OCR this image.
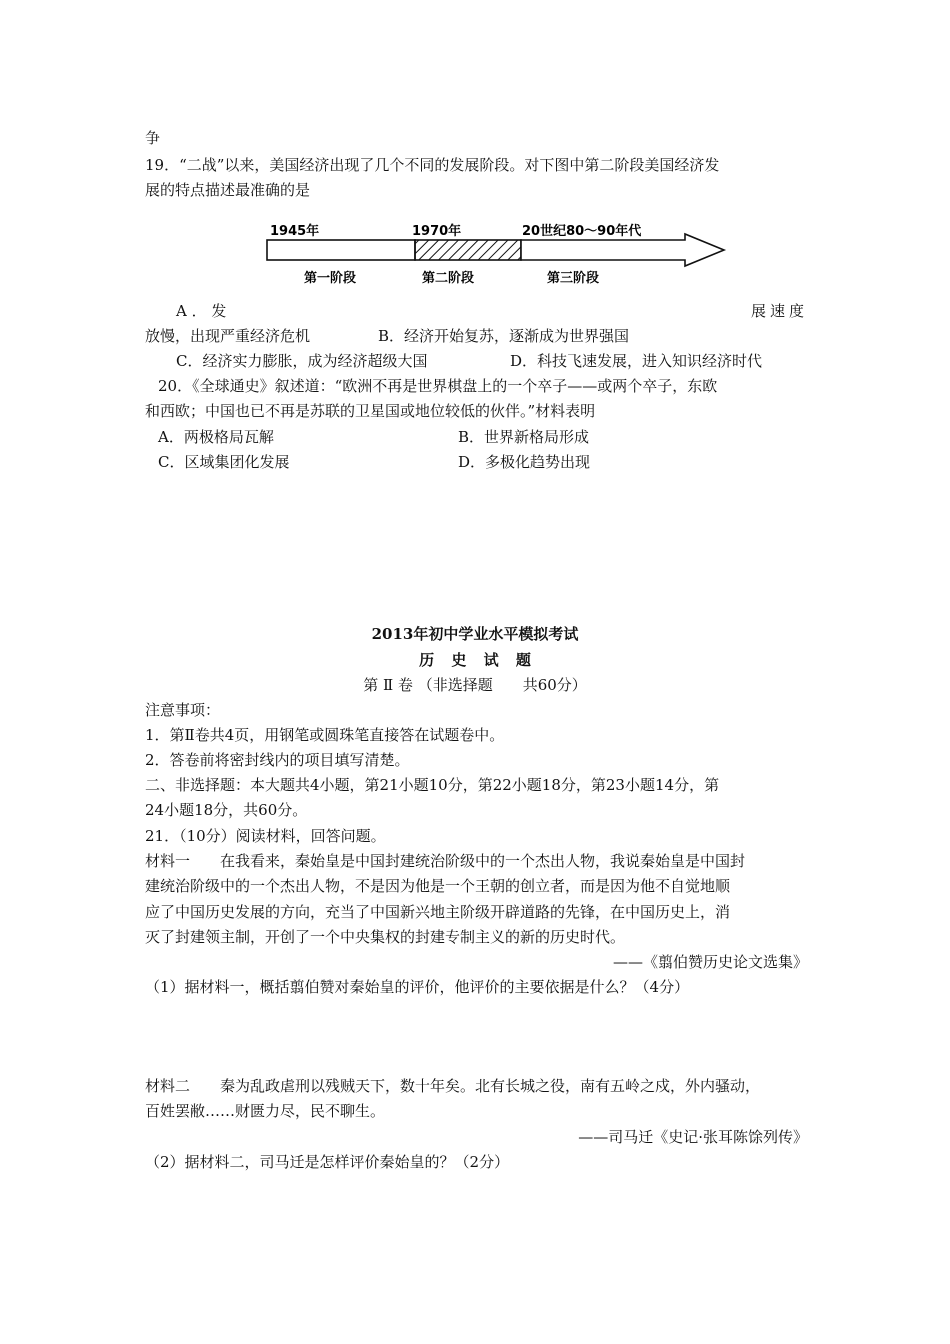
争
19．“二战”以来，美国经济出现了几个不同的发展阶段。对下图中第二阶段美国经济发
展的特点描述最准确的是
1945年	1970年	20世纪80～90年代
第一阶段	第二阶段	第三阶段
A ． 发	展速度
放慢，出现严重经济危机	B．经济开始复苏，逐渐成为世界强国
C．经济实力膨胀，成为经济超级大国	D．科技飞速发展，进入知识经济时代
20．《全球通史》叙述道：“欧洲不再是世界棋盘上的一个卒子——或两个卒子，东欧
和西欧；中国也已不再是苏联的卫星国或地位较低的伙伴。”材料表明
A．两极格局瓦解	B．世界新格局形成
C．区域集团化发展	D．多极化趋势出现
2013年初中学业水平模拟考试
历 史 试 题
第 Ⅱ 卷 （非选择题　　共60分）
注意事项：
1．第Ⅱ卷共4页，用钢笔或圆珠笔直接答在试题卷中。
2．答卷前将密封线内的项目填写清楚。
二、非选择题：本大题共4小题，第21小题10分，第22小题18分，第23小题14分，第
24小题18分，共60分。
21．（10分）阅读材料，回答问题。
材料一　　在我看来，秦始皇是中国封建统治阶级中的一个杰出人物，我说秦始皇是中国封
建统治阶级中的一个杰出人物，不是因为他是一个王朝的创立者，而是因为他不自觉地顺
应了中国历史发展的方向，充当了中国新兴地主阶级开辟道路的先锋，在中国历史上，消
灭了封建领主制，开创了一个中央集权的封建专制主义的新的历史时代。
——《翦伯赞历史论文选集》
（1）据材料一，概括翦伯赞对秦始皇的评价，他评价的主要依据是什么？（4分）
材料二　　秦为乱政虐刑以残贼天下，数十年矣。北有长城之役，南有五岭之戍，外内骚动，
百姓罢敝……财匮力尽，民不聊生。
——司马迁《史记·张耳陈馀列传》
（2）据材料二，司马迁是怎样评价秦始皇的？（2分）
